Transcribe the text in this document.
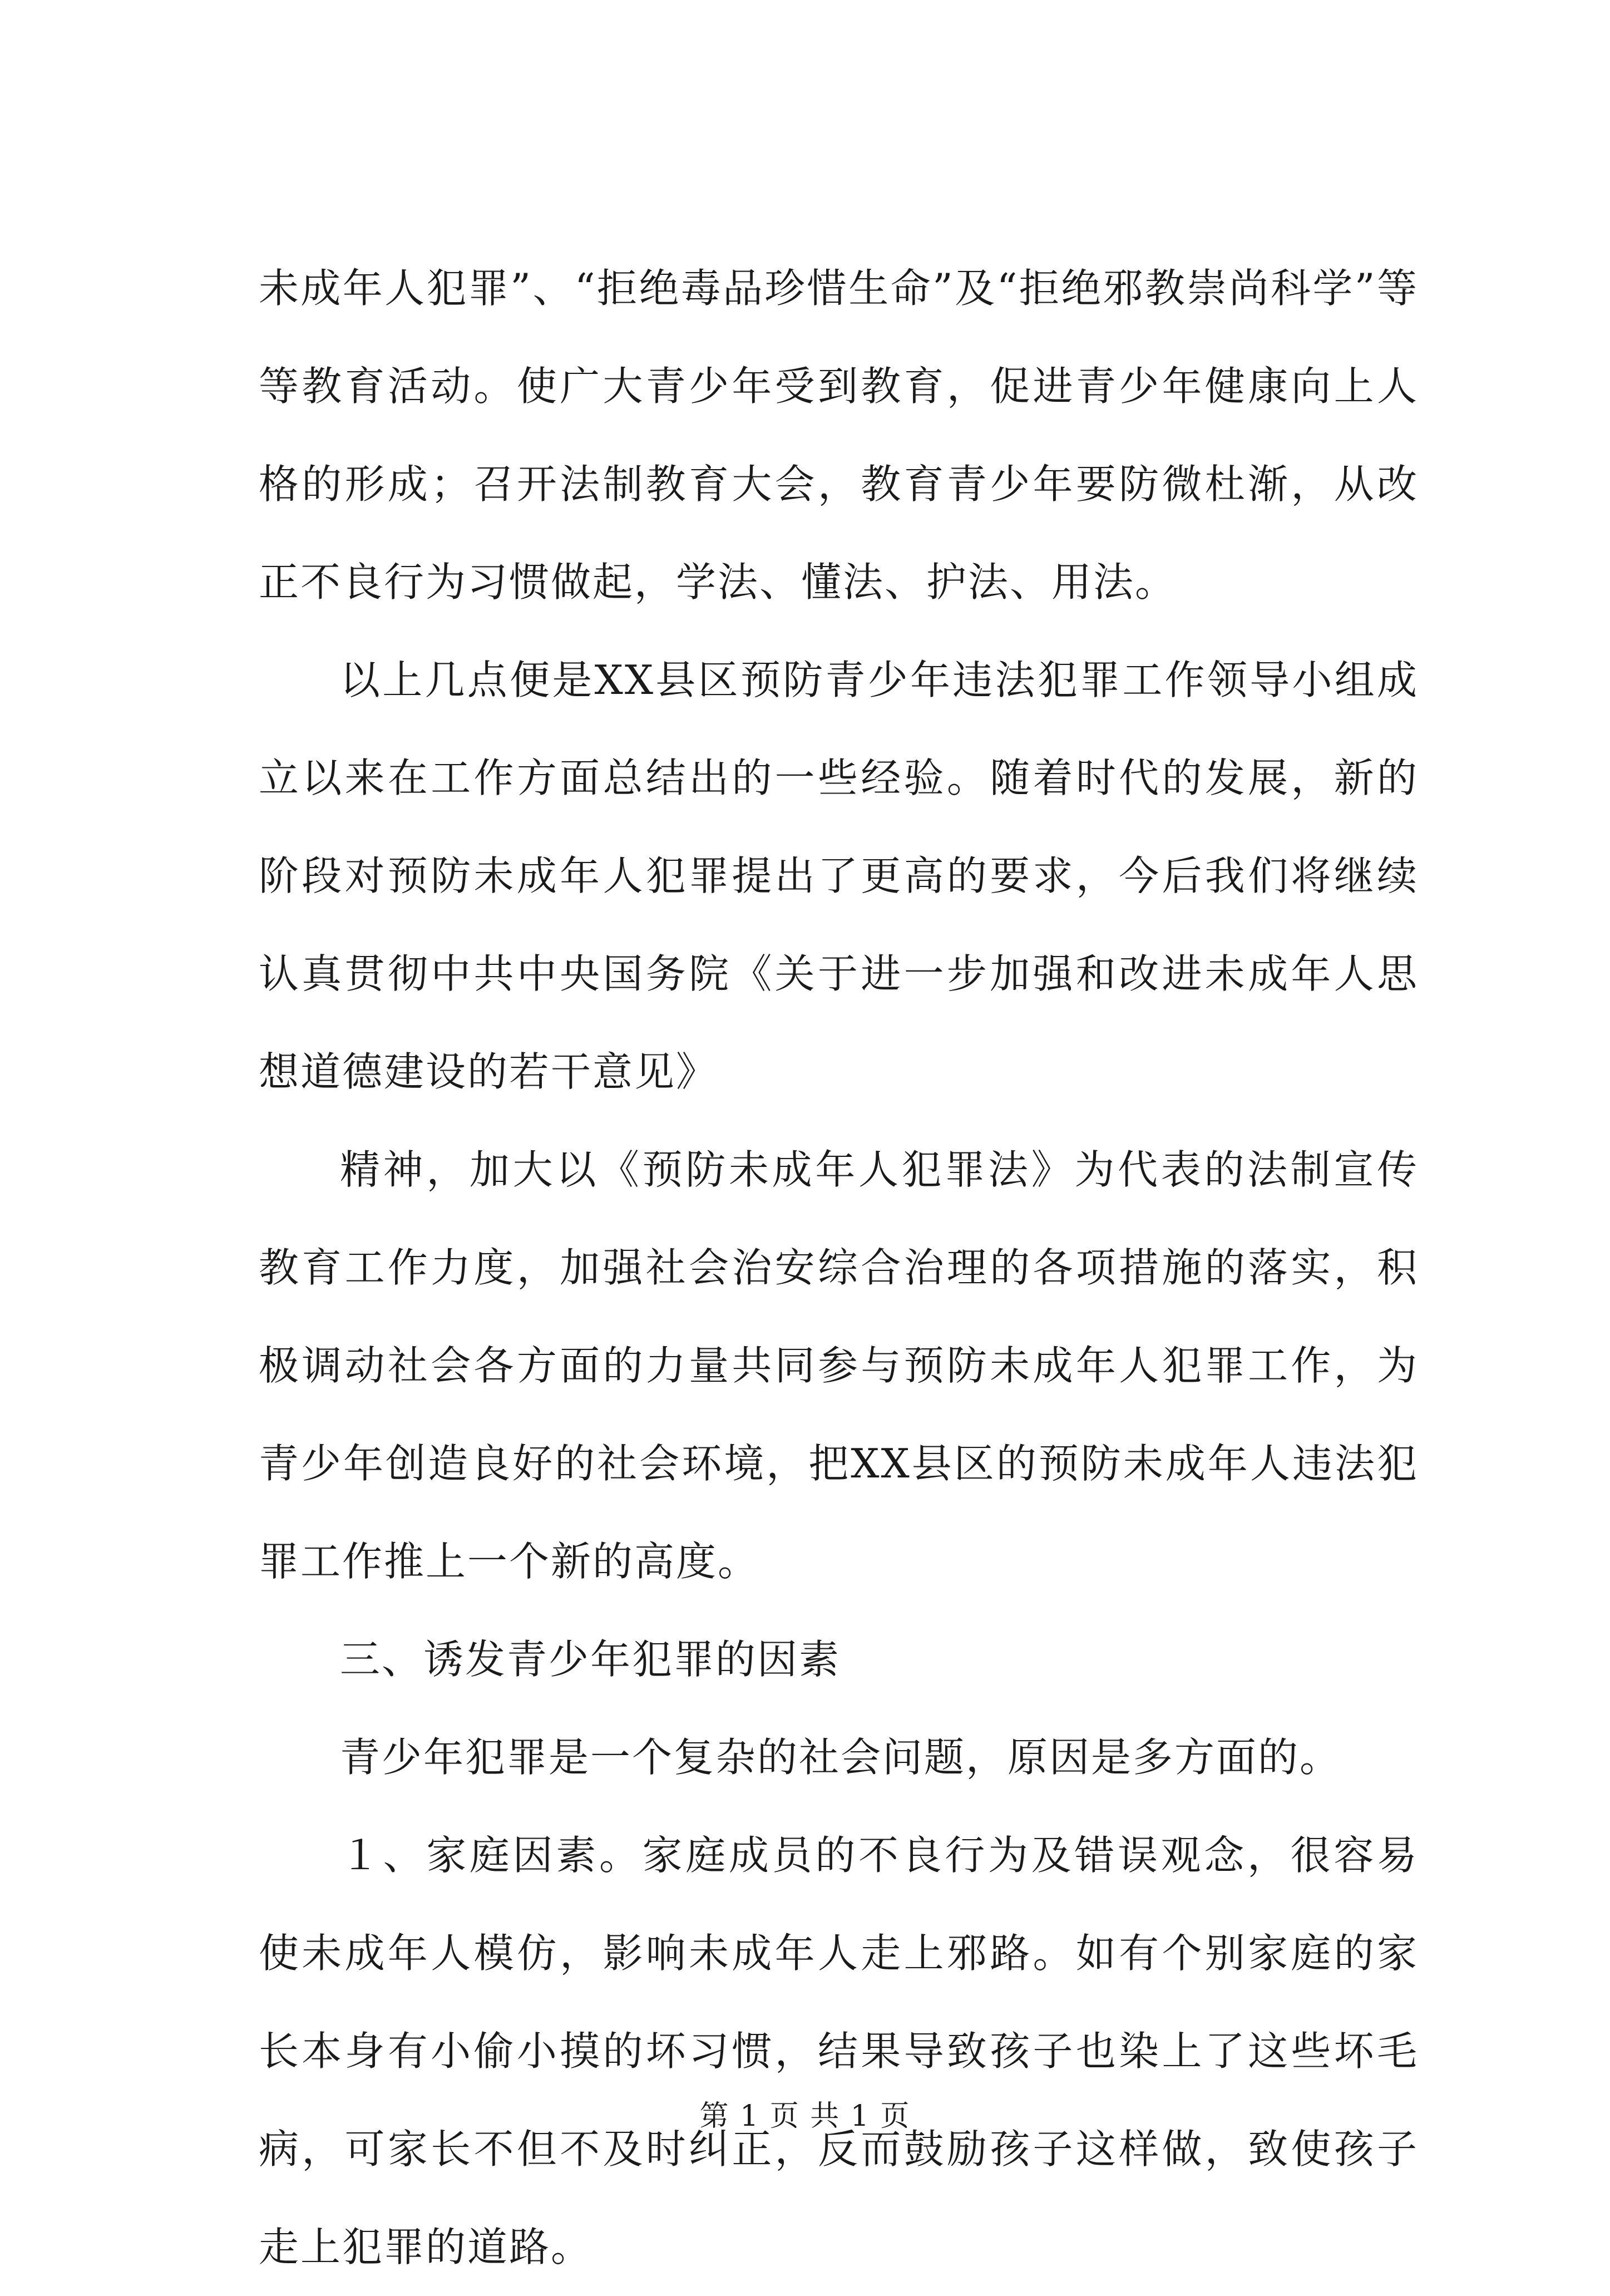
未成年人犯罪”、“拒绝毒品珍惜生命”及“拒绝邪教崇尚科学”等等教育活动。使广大青少年受到教育，促进青少年健康向上人格的形成；召开法制教育大会，教育青少年要防微杜渐，从改正不良行为习惯做起，学法、懂法、护法、用法。

以上几点便是XX县区预防青少年违法犯罪工作领导小组成立以来在工作方面总结出的一些经验。随着时代的发展，新的阶段对预防未成年人犯罪提出了更高的要求，今后我们将继续认真贯彻中共中央国务院《关于进一步加强和改进未成年人思想道德建设的若干意见》

精神，加大以《预防未成年人犯罪法》为代表的法制宣传教育工作力度，加强社会治安综合治理的各项措施的落实，积极调动社会各方面的力量共同参与预防未成年人犯罪工作，为青少年创造良好的社会环境，把XX县区的预防未成年人违法犯罪工作推上一个新的高度。

三、诱发青少年犯罪的因素

青少年犯罪是一个复杂的社会问题，原因是多方面的。

１、家庭因素。家庭成员的不良行为及错误观念，很容易使未成年人模仿，影响未成年人走上邪路。如有个别家庭的家长本身有小偷小摸的坏习惯，结果导致孩子也染上了这些坏毛病，可家长不但不及时纠正，反而鼓励孩子这样做，致使孩子走上犯罪的道路。

第 1 页 共 1 页
